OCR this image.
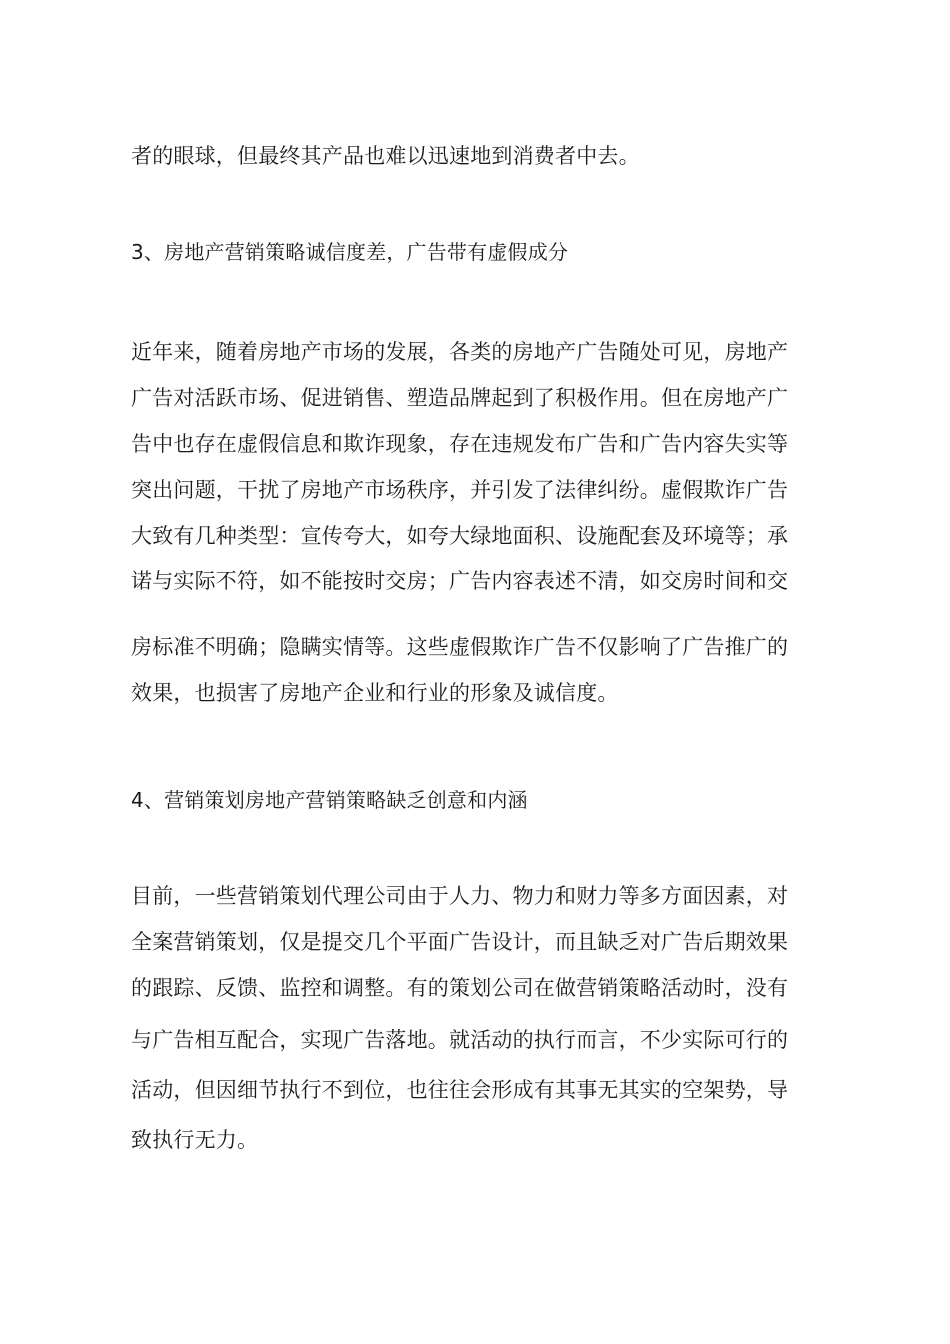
者的眼球，但最终其产品也难以迅速地到消费者中去。
3、房地产营销策略诚信度差，广告带有虚假成分
近年来，随着房地产市场的发展，各类的房地产广告随处可见，房地产
广告对活跃市场、促进销售、塑造品牌起到了积极作用。但在房地产广
告中也存在虚假信息和欺诈现象，存在违规发布广告和广告内容失实等
突出问题，干扰了房地产市场秩序，并引发了法律纠纷。虚假欺诈广告
大致有几种类型：宣传夸大，如夸大绿地面积、设施配套及环境等；承
诺与实际不符，如不能按时交房；广告内容表述不清，如交房时间和交
房标准不明确；隐瞒实情等。这些虚假欺诈广告不仅影响了广告推广的
效果，也损害了房地产企业和行业的形象及诚信度。
4、营销策划房地产营销策略缺乏创意和内涵
目前，一些营销策划代理公司由于人力、物力和财力等多方面因素，对
全案营销策划，仅是提交几个平面广告设计，而且缺乏对广告后期效果
的跟踪、反馈、监控和调整。有的策划公司在做营销策略活动时，没有
与广告相互配合，实现广告落地。就活动的执行而言，不少实际可行的
活动，但因细节执行不到位，也往往会形成有其事无其实的空架势，导
致执行无力。
